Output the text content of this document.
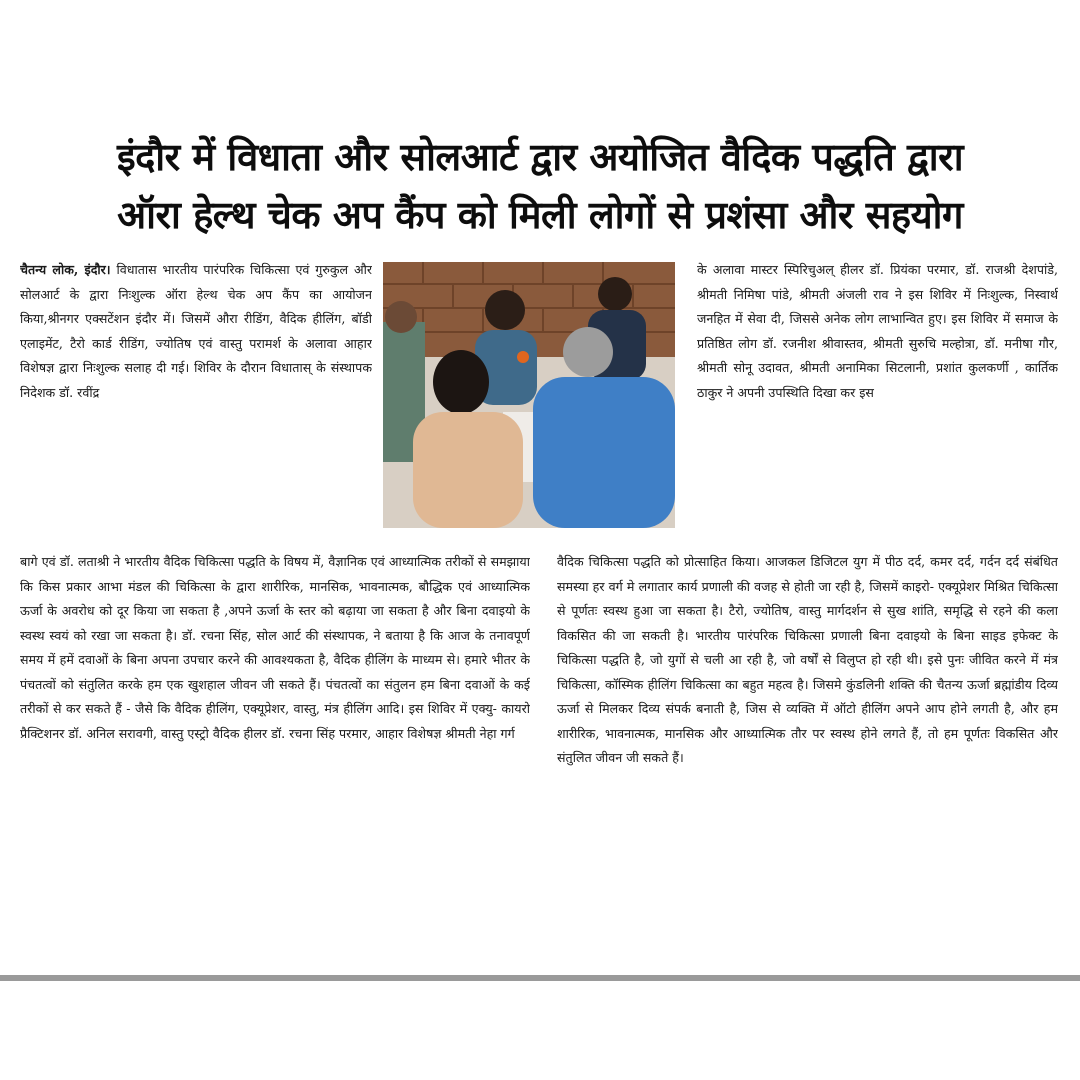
इंदौर में विधाता और सोलआर्ट द्वार अयोजित वैदिक पद्धति द्वारा
ऑरा हेल्थ चेक अप कैंप को मिली लोगों से प्रशंसा और सहयोग
चैतन्य लोक, इंदौर। विधातास भारतीय पारंपरिक चिकित्सा एवं गुरुकुल और सोलआर्ट के द्वारा निःशुल्क ऑरा हेल्थ चेक अप कैंप का आयोजन किया,श्रीनगर एक्सटेंशन इंदौर में। जिसमें औरा रीडिंग, वैदिक हीलिंग, बॉडी एलाइमेंट, टैरो कार्ड रीडिंग, ज्योतिष एवं वास्तु परामर्श के अलावा आहार विशेषज्ञ द्वारा निःशुल्क सलाह दी गई। शिविर के दौरान विधातास् के संस्थापक निदेशक डॉ. रवींद्र
के अलावा मास्टर स्पिरिचुअल् हीलर डॉ. प्रियंका परमार, डॉ. राजश्री देशपांडे, श्रीमती निमिषा पांडे, श्रीमती अंजली राव ने इस शिविर में निःशुल्क, निस्वार्थ जनहित में सेवा दी, जिससे अनेक लोग लाभान्वित हुए। इस शिविर में समाज के प्रतिष्ठित लोग डॉ. रजनीश श्रीवास्तव, श्रीमती सुरुचि मल्होत्रा, डॉ. मनीषा गौर, श्रीमती सोनू उदावत, श्रीमती अनामिका सिटलानी, प्रशांत कुलकर्णी , कार्तिक ठाकुर ने अपनी उपस्थिति दिखा कर इस
बागे एवं डॉ. लताश्री ने भारतीय वैदिक चिकित्सा पद्धति के विषय में, वैज्ञानिक एवं आध्यात्मिक तरीकों से समझाया कि किस प्रकार आभा मंडल की चिकित्सा के द्वारा शारीरिक, मानसिक, भावनात्मक, बौद्धिक एवं आध्यात्मिक ऊर्जा के अवरोध को दूर किया जा सकता है ,अपने ऊर्जा के स्तर को बढ़ाया जा सकता है और बिना दवाइयो के स्वस्थ स्वयं को रखा जा सकता है। डॉ. रचना सिंह, सोल आर्ट की संस्थापक, ने बताया है कि आज के तनावपूर्ण समय में हमें दवाओं के बिना अपना उपचार करने की आवश्यकता है, वैदिक हीलिंग के माध्यम से। हमारे भीतर के पंचतत्वों को संतुलित करके हम एक खुशहाल जीवन जी सकते हैं। पंचतत्वों का संतुलन हम बिना दवाओं के कई तरीकों से कर सकते हैं - जैसे कि वैदिक हीलिंग, एक्यूप्रेशर, वास्तु, मंत्र हीलिंग आदि। इस शिविर में एक्यु- कायरो प्रैक्टिशनर डॉ. अनिल सरावगी, वास्तु एस्ट्रो वैदिक हीलर डॉ. रचना सिंह परमार, आहार विशेषज्ञ श्रीमती नेहा गर्ग
वैदिक चिकित्सा पद्धति को प्रोत्साहित किया। आजकल डिजिटल युग में पीठ दर्द, कमर दर्द, गर्दन दर्द संबंधित समस्या हर वर्ग मे लगातार कार्य प्रणाली की वजह से होती जा रही है, जिसमें काइरो- एक्यूप्रेशर मिश्रित चिकित्सा से पूर्णतः स्वस्थ हुआ जा सकता है। टैरो, ज्योतिष, वास्तु मार्गदर्शन से सुख शांति, समृद्धि से रहने की कला विकसित की जा सकती है। भारतीय पारंपरिक चिकित्सा प्रणाली बिना दवाइयो के बिना साइड इफेक्ट के चिकित्सा पद्धति है, जो युगों से चली आ रही है, जो वर्षों से विलुप्त हो रही थी। इसे पुनः जीवित करने में मंत्र चिकित्सा, कॉस्मिक हीलिंग चिकित्सा का बहुत महत्व है। जिसमे कुंडलिनी शक्ति की चैतन्य ऊर्जा ब्रह्मांडीय दिव्य ऊर्जा से मिलकर दिव्य संपर्क बनाती है, जिस से व्यक्ति में ऑटो हीलिंग अपने आप होने लगती है, और हम शारीरिक, भावनात्मक, मानसिक और आध्यात्मिक तौर पर स्वस्थ होने लगते हैं, तो हम पूर्णतः विकसित और संतुलित जीवन जी सकते हैं।
